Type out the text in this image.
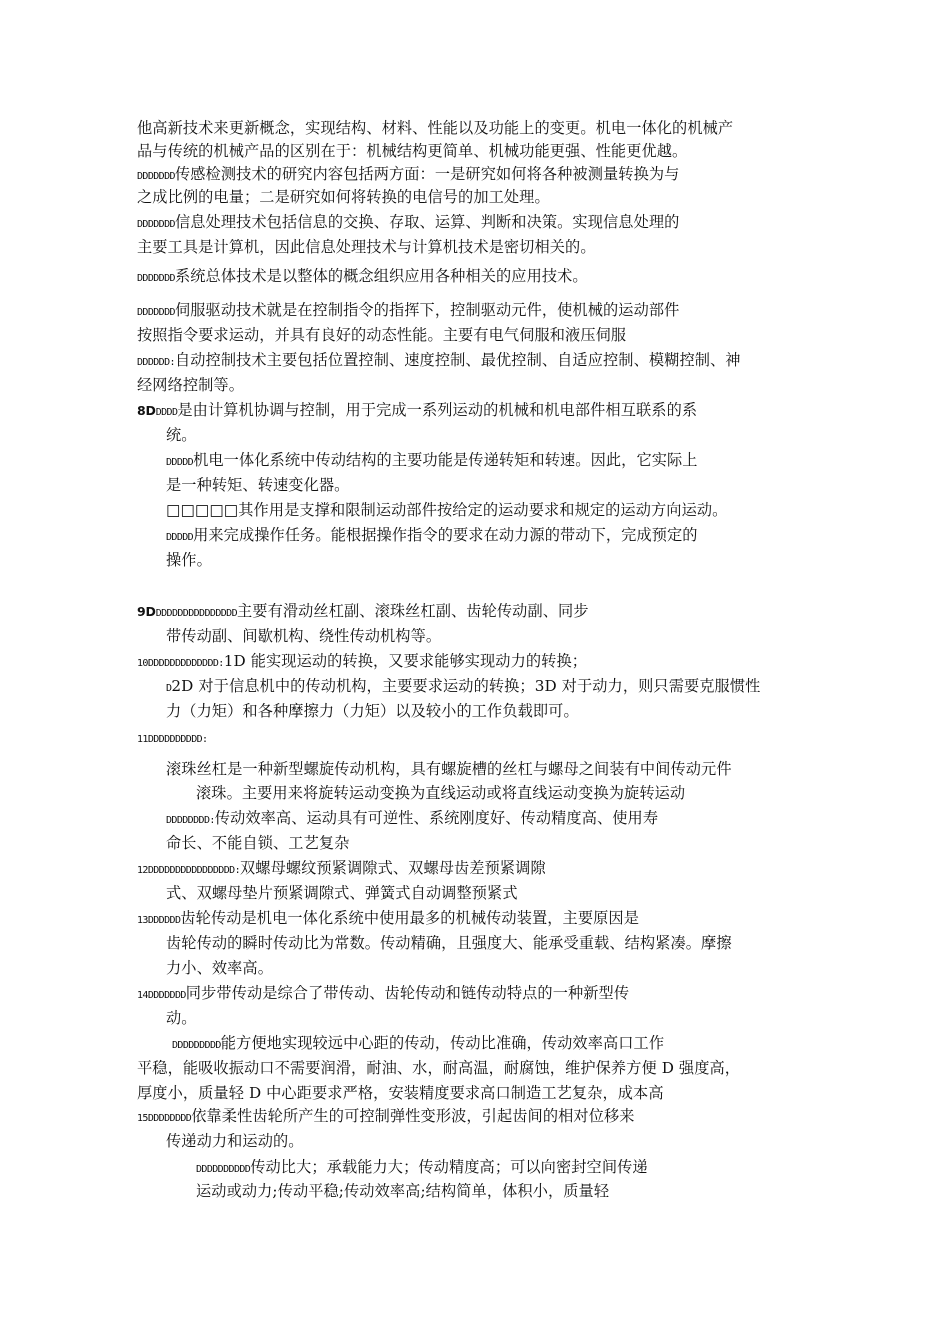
他高新技术来更新概念，实现结构、材料、性能以及功能上的变更。机电一体化的机械产
品与传统的机械产品的区别在于：机械结构更简单、机械功能更强、性能更优越。
DDDDDDD传感检测技术的研究内容包括两方面：一是研究如何将各种被测量转换为与
之成比例的电量；二是研究如何将转换的电信号的加工处理。
DDDDDDD信息处理技术包括信息的交换、存取、运算、判断和决策。实现信息处理的
主要工具是计算机，因此信息处理技术与计算机技术是密切相关的。
DDDDDDD系统总体技术是以整体的概念组织应用各种相关的应用技术。
DDDDDDD伺服驱动技术就是在控制指令的指挥下，控制驱动元件，使机械的运动部件
按照指令要求运动，并具有良好的动态性能。主要有电气伺服和液压伺服
DDDDDD:自动控制技术主要包括位置控制、速度控制、最优控制、自适应控制、模糊控制、神
经网络控制等。
8DDDDD是由计算机协调与控制，用于完成一系列运动的机械和机电部件相互联系的系
统。
DDDDD机电一体化系统中传动结构的主要功能是传递转矩和转速。因此，它实际上
是一种转矩、转速变化器。
□□□□□其作用是支撑和限制运动部件按给定的运动要求和规定的运动方向运动。
DDDDD用来完成操作任务。能根据操作指令的要求在动力源的带动下，完成预定的
操作。
9DDDDDDDDDDDDDDDD主要有滑动丝杠副、滚珠丝杠副、齿轮传动副、同步
带传动副、间歇机构、绕性传动机构等。
10DDDDDDDDDDDDD:1D 能实现运动的转换，又要求能够实现动力的转换；
D2D 对于信息机中的传动机构，主要要求运动的转换；3D 对于动力，则只需要克服惯性
力（力矩）和各种摩擦力（力矩）以及较小的工作负载即可。
11DDDDDDDDDD:
滚珠丝杠是一种新型螺旋传动机构，具有螺旋槽的丝杠与螺母之间装有中间传动元件
滚珠。主要用来将旋转运动变换为直线运动或将直线运动变换为旋转运动
DDDDDDDD:传动效率高、运动具有可逆性、系统刚度好、传动精度高、使用寿
命长、不能自锁、工艺复杂
12DDDDDDDDDDDDDDDD:双螺母螺纹预紧调隙式、双螺母齿差预紧调隙
式、双螺母垫片预紧调隙式、弹簧式自动调整预紧式
13DDDDDD齿轮传动是机电一体化系统中使用最多的机械传动装置，主要原因是
齿轮传动的瞬时传动比为常数。传动精确，且强度大、能承受重载、结构紧凑。摩擦
力小、效率高。
14DDDDDDD同步带传动是综合了带传动、齿轮传动和链传动特点的一种新型传
动。
DDDDDDDDD能方便地实现较远中心距的传动，传动比准确，传动效率高口工作
平稳，能吸收振动口不需要润滑，耐油、水，耐高温，耐腐蚀，维护保养方便 D 强度高，
厚度小，质量轻 D 中心距要求严格，安装精度要求高口制造工艺复杂，成本高
15DDDDDDDD依靠柔性齿轮所产生的可控制弹性变形波，引起齿间的相对位移来
传递动力和运动的。
DDDDDDDDDD传动比大；承载能力大；传动精度高；可以向密封空间传递
运动或动力;传动平稳;传动效率高;结构简单，体积小，质量轻
